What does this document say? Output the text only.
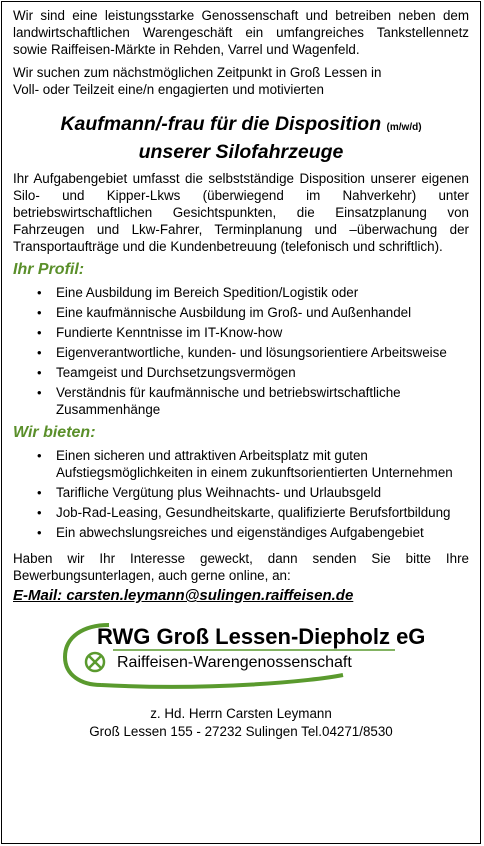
Wir sind eine leistungsstarke Genossenschaft und betreiben neben dem landwirtschaftlichen Warengeschäft ein umfangreiches Tankstellennetz sowie Raiffeisen-Märkte in Rehden, Varrel und Wagenfeld.

Wir suchen zum nächstmöglichen Zeitpunkt in Groß Lessen in

Voll- oder Teilzeit eine/n engagierten und motivierten

Kaufmann/-frau für die Disposition (m/w/d)
unserer Silofahrzeuge

Ihr Aufgabengebiet umfasst die selbstständige Disposition unserer eigenen Silo- und Kipper-Lkws (überwiegend im Nahverkehr) unter betriebswirtschaftlichen Gesichtspunkten, die Einsatzplanung von Fahrzeugen und Lkw-Fahrer, Terminplanung und –überwachung der Transportaufträge und die Kundenbetreuung (telefonisch und schriftlich).

Ihr Profil:
• Eine Ausbildung im Bereich Spedition/Logistik oder
• Eine kaufmännische Ausbildung im Groß- und Außenhandel
• Fundierte Kenntnisse im IT-Know-how
• Eigenverantwortliche, kunden- und lösungsorientiere Arbeitsweise
• Teamgeist und Durchsetzungsvermögen
• Verständnis für kaufmännische und betriebswirtschaftliche Zusammenhänge
Wir bieten:
• Einen sicheren und attraktiven Arbeitsplatz mit guten Aufstiegsmöglichkeiten in einem zukunftsorientierten Unternehmen
• Tarifliche Vergütung plus Weihnachts- und Urlaubsgeld
• Job-Rad-Leasing, Gesundheitskarte, qualifizierte Berufsfortbildung
• Ein abwechslungsreiches und eigenständiges Aufgabengebiet

Haben wir Ihr Interesse geweckt, dann senden Sie bitte Ihre Bewerbungsunterlagen, auch gerne online, an:

E-Mail: carsten.leymann@sulingen.raiffeisen.de
RWG Groß Lessen-Diepholz eG
Raiffeisen-Warengenossenschaft
z. Hd. Herrn Carsten Leymann
Groß Lessen 155 - 27232 Sulingen Tel.04271/8530
